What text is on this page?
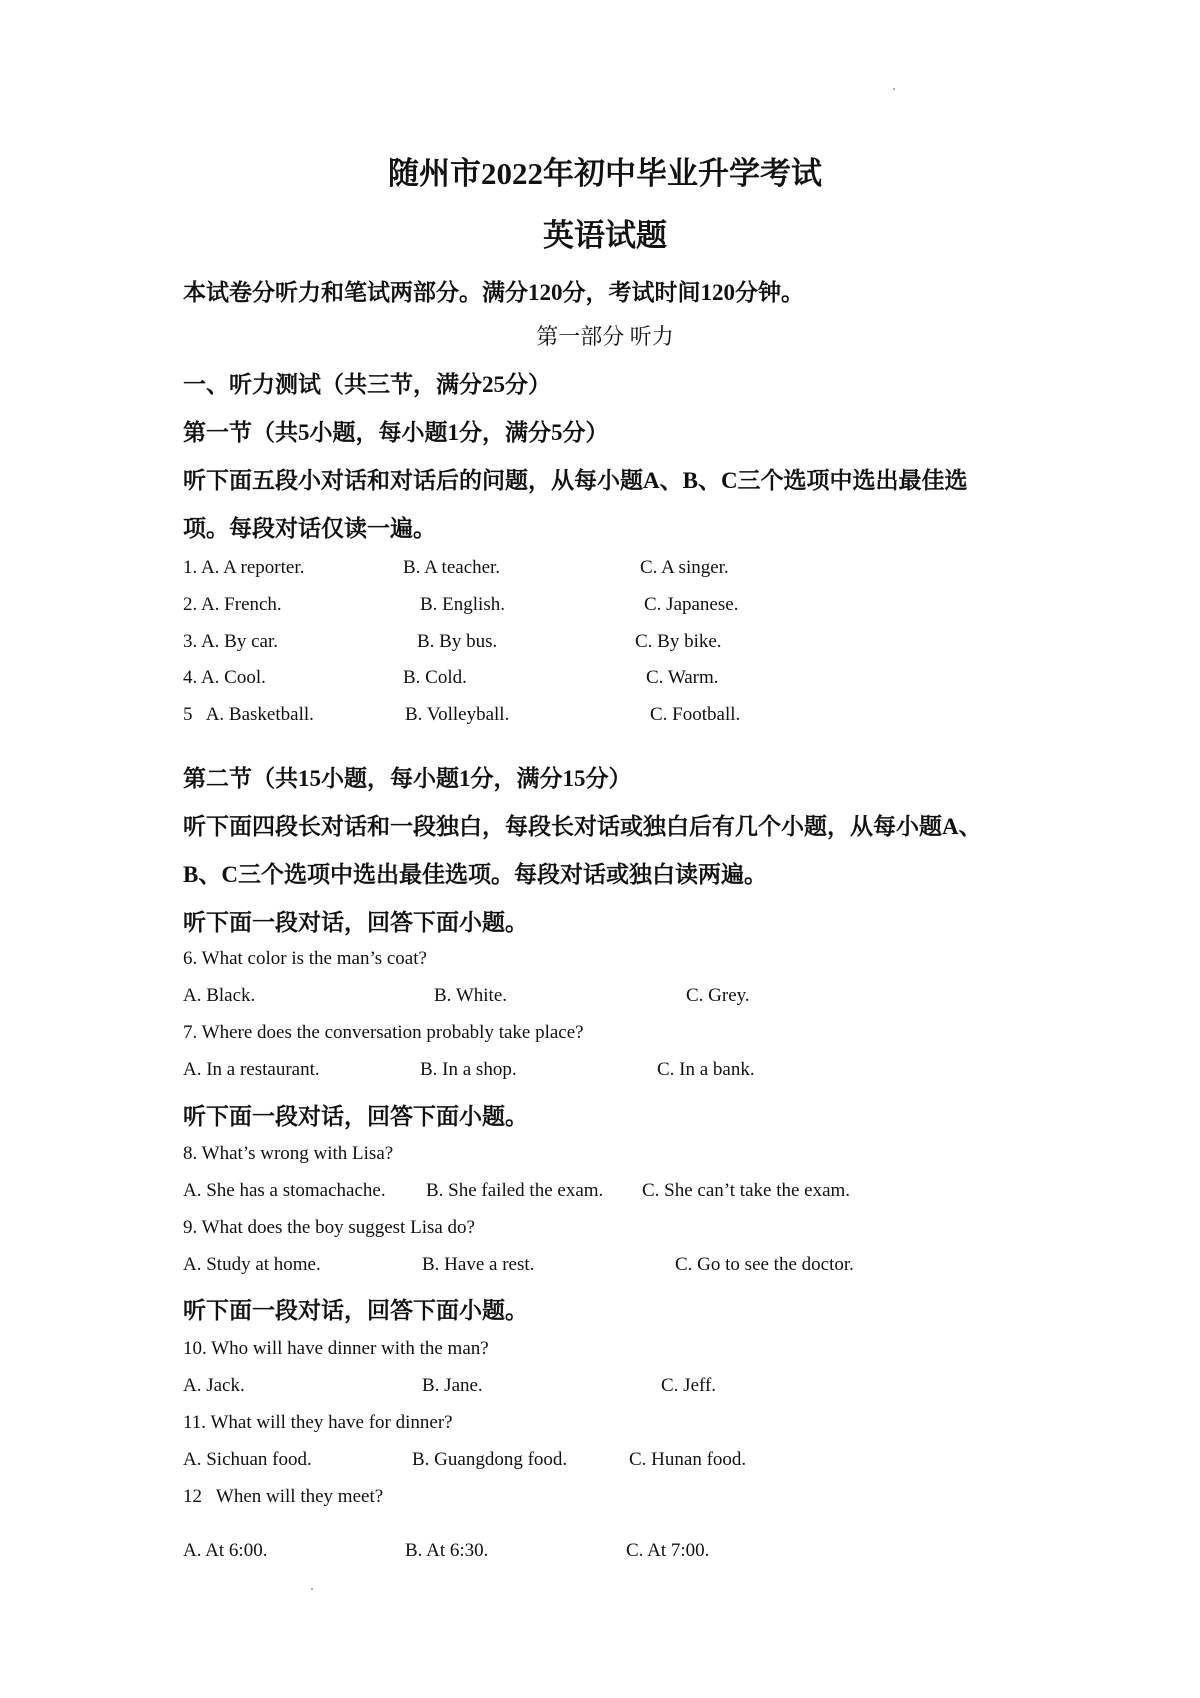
随州市2022年初中毕业升学考试
英语试题
本试卷分听力和笔试两部分。满分120分，考试时间120分钟。
第一部分 听力
一、听力测试（共三节，满分25分）
第一节（共5小题，每小题1分，满分5分）
听下面五段小对话和对话后的问题，从每小题A、B、C三个选项中选出最佳选
项。每段对话仅读一遍。
1. A. A reporter.	B. A teacher.	C. A singer.
2. A. French.	B. English.	C. Japanese.
3. A. By car.	B. By bus.	C. By bike.
4. A. Cool.	B. Cold.	C. Warm.
5   A. Basketball.	B. Volleyball.	C. Football.
第二节（共15小题，每小题1分，满分15分）
听下面四段长对话和一段独白，每段长对话或独白后有几个小题，从每小题A、
B、C三个选项中选出最佳选项。每段对话或独白读两遍。
听下面一段对话，回答下面小题。
6. What color is the man’s coat?
A. Black.	B. White.	C. Grey.
7. Where does the conversation probably take place?
A. In a restaurant.	B. In a shop.	C. In a bank.
听下面一段对话，回答下面小题。
8. What’s wrong with Lisa?
A. She has a stomachache. B. She failed the exam. C. She can’t take the exam.
9. What does the boy suggest Lisa do?
A. Study at home.	B. Have a rest.	C. Go to see the doctor.
听下面一段对话，回答下面小题。
10. Who will have dinner with the man?
A. Jack.	B. Jane.	C. Jeff.
11. What will they have for dinner?
A. Sichuan food.	B. Guangdong food.	C. Hunan food.
12   When will they meet?
A. At 6:00.	B. At 6:30.	C. At 7:00.
